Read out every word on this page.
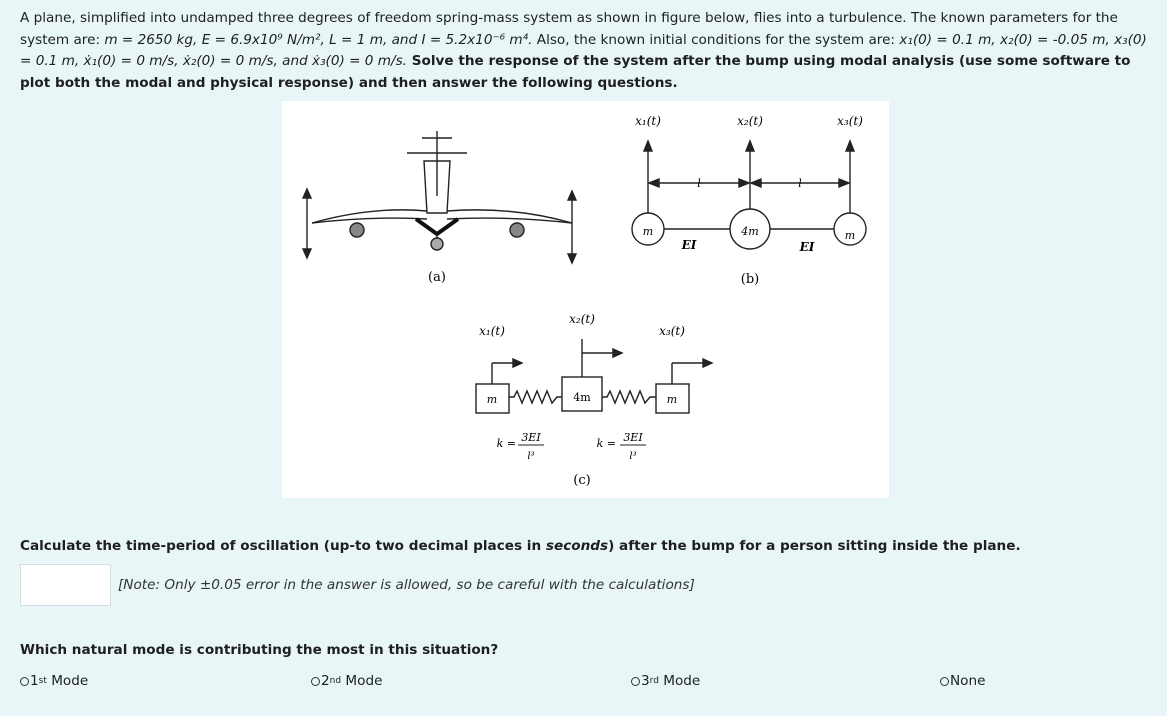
A plane, simplified into undamped three degrees of freedom spring-mass system as shown in figure below, flies into a turbulence. The known parameters for the system are: m = 2650 kg, E = 6.9x10⁹ N/m², L = 1 m, and I = 5.2x10⁻⁶ m⁴. Also, the known initial conditions for the system are: x₁(0) = 0.1 m, x₂(0) = -0.05 m, x₃(0) = 0.1 m, ẋ₁(0) = 0 m/s, ẋ₂(0) = 0 m/s, and ẋ₃(0) = 0 m/s. Solve the response of the system after the bump using modal analysis (use some software to plot both the modal and physical response) and then answer the following questions.

(a)
x₁(t)	x₂(t)	x₃(t)
m	4m	m
EI	EI
l	l
(b)
x₁(t)
x₂(t)
x₃(t)
m	4m	m
k = 3EI
l³
k = 3EI
l³
(c)
Calculate the time-period of oscillation (up-to two decimal places in seconds) after the bump for a person sitting inside the plane.
[Note: Only ±0.05 error in the answer is allowed, so be careful with the calculations]
Which natural mode is contributing the most in this situation?
1 st Mode	2 nd Mode	3 rd Mode	None
